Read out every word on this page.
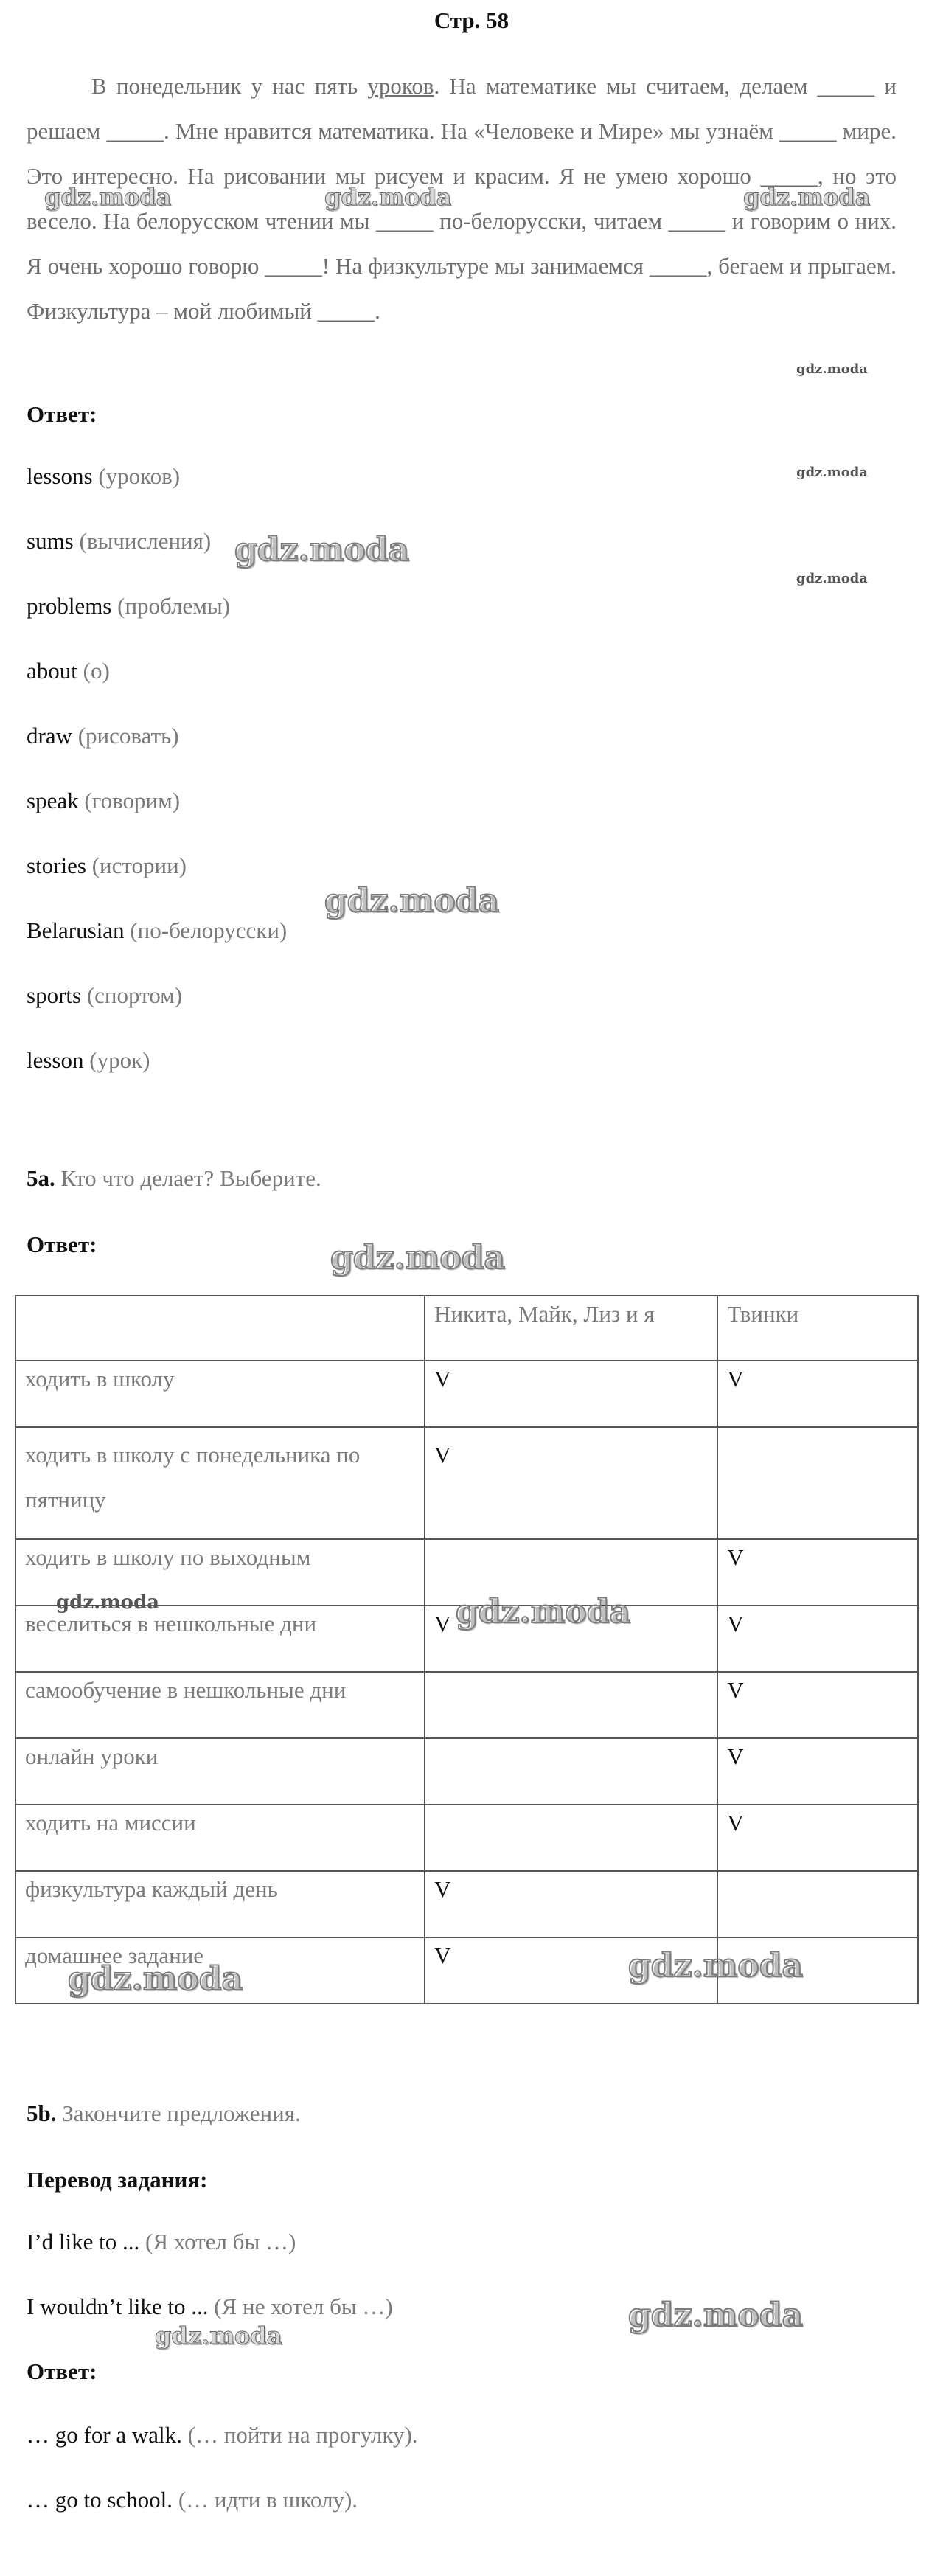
Стр. 58
В понедельник у нас пять уроков. На математике мы считаем, делаем _____ и решаем _____. Мне нравится математика. На «Человеке и Мире» мы узнаём _____ мире. Это интересно. На рисовании мы рисуем и красим. Я не умею хорошо _____, но это весело. На белорусском чтении мы _____ по-белорусски, читаем _____ и говорим о них. Я очень хорошо говорю _____! На физкультуре мы занимаемся _____, бегаем и прыгаем. Физкультура – мой любимый _____.
Ответ:
lessons (уроков)
sums (вычисления)
problems (проблемы)
about (о)
draw (рисовать)
speak (говорим)
stories (истории)
Belarusian (по-белорусски)
sports (спортом)
lesson (урок)
5a. Кто что делает? Выберите.
Ответ:
	Никита, Майк, Лиз и я	Твинки
ходить в школу	V	V
ходить в школу с понедельника по пятницу	V	
ходить в школу по выходным		V
веселиться в нешкольные дни	V	V
самообучение в нешкольные дни		V
онлайн уроки		V
ходить на миссии		V
физкультура каждый день	V	
домашнее задание	V	
5b. Закончите предложения.
Перевод задания:
I’d like to ... (Я хотел бы …)
I wouldn’t like to ... (Я не хотел бы …)
Ответ:
… go for a walk. (… пойти на прогулку).
… go to school. (… идти в школу).
gdz.moda	gdz.moda	gdz.moda
gdz.moda
gdz.moda
gdz.moda
gdz.moda
gdz.moda
gdz.moda
gdz.moda	gdz.moda
gdz.moda	gdz.moda
gdz.moda
gdz.moda
